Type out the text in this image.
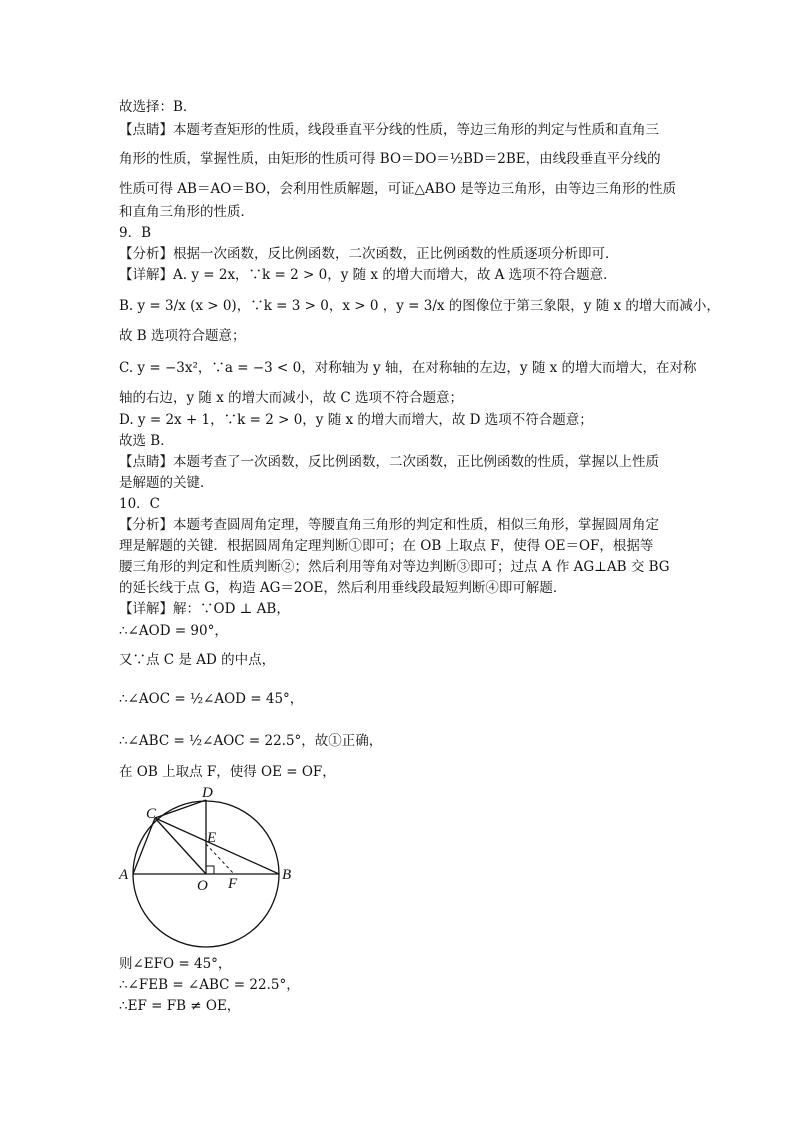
故选择：B．
【点睛】本题考查矩形的性质，线段垂直平分线的性质，等边三角形的判定与性质和直角三
角形的性质，掌握性质，由矩形的性质可得 BO＝DO＝½BD＝2BE，由线段垂直平分线的
性质可得 AB＝AO＝BO，会利用性质解题，可证△ABO 是等边三角形，由等边三角形的性质
和直角三角形的性质．
9．B
【分析】根据一次函数，反比例函数，二次函数，正比例函数的性质逐项分析即可．
【详解】A. y = 2x，∵k = 2 > 0，y 随 x 的增大而增大，故 A 选项不符合题意．
B. y = 3/x (x > 0)，∵k = 3 > 0，x > 0 ，y = 3/x 的图像位于第三象限，y 随 x 的增大而减小，
故 B 选项符合题意；
C. y = −3x²，∵a = −3 < 0，对称轴为 y 轴，在对称轴的左边，y 随 x 的增大而增大，在对称
轴的右边，y 随 x 的增大而减小，故 C 选项不符合题意；
D. y = 2x + 1，∵k = 2 > 0，y 随 x 的增大而增大，故 D 选项不符合题意；
故选 B．
【点睛】本题考查了一次函数，反比例函数，二次函数，正比例函数的性质，掌握以上性质
是解题的关键．
10．C
【分析】本题考查圆周角定理，等腰直角三角形的判定和性质，相似三角形，掌握圆周角定
理是解题的关键．根据圆周角定理判断①即可；在 OB 上取点 F，使得 OE＝OF，根据等
腰三角形的判定和性质判断②；然后利用等角对等边判断③即可；过点 A 作 AG⊥AB 交 BG
的延长线于点 G，构造 AG＝2OE，然后利用垂线段最短判断④即可解题．
【详解】解：∵OD ⊥ AB，
∴∠AOD = 90°，
又∵点 C 是 AD 的中点，
∴∠AOC = ½∠AOD = 45°，
∴∠ABC = ½∠AOC = 22.5°，故①正确，
在 OB 上取点 F，使得 OE = OF，
A	B
C
D
E
O F
则∠EFO = 45°，
∴∠FEB = ∠ABC = 22.5°，
∴EF = FB ≠ OE，
